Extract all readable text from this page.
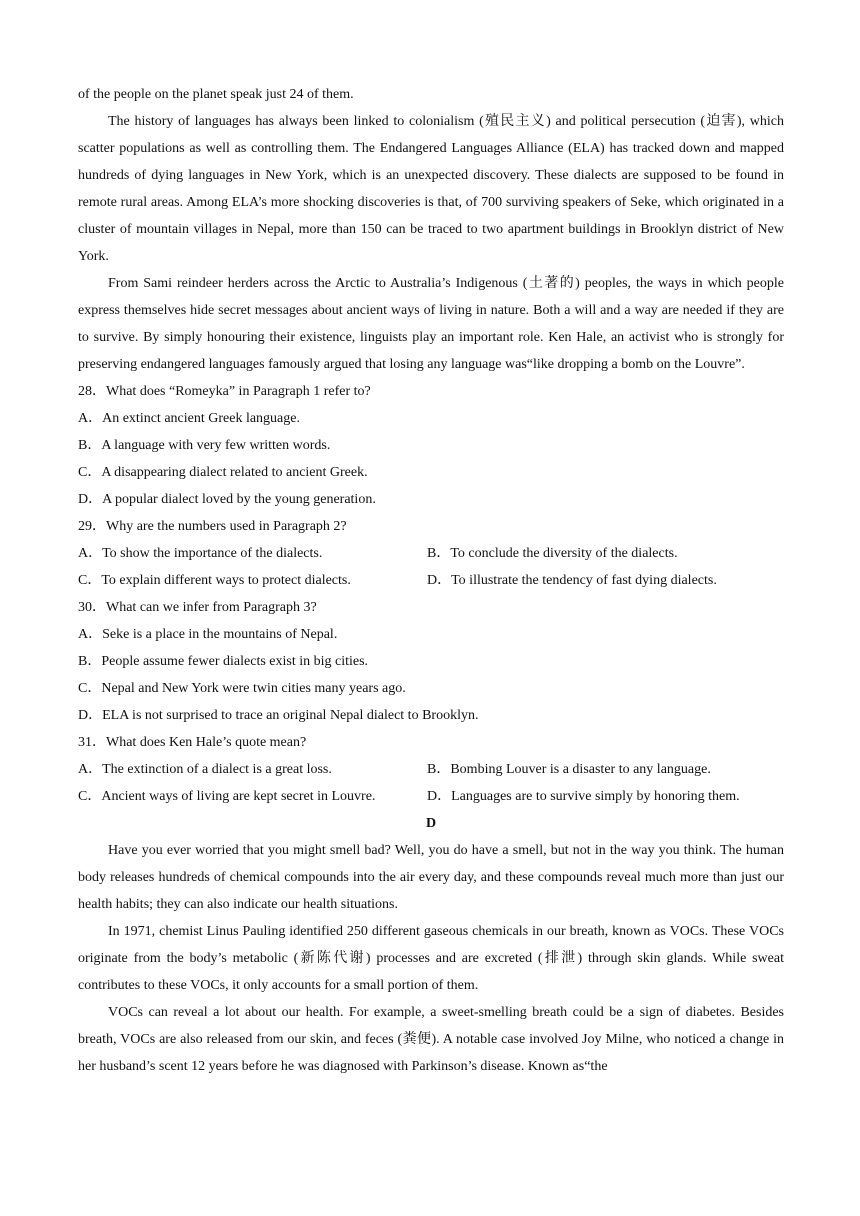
of the people on the planet speak just 24 of them.

The history of languages has always been linked to colonialism (殖民主义) and political persecution (迫害), which scatter populations as well as controlling them. The Endangered Languages Alliance (ELA) has tracked down and mapped hundreds of dying languages in New York, which is an unexpected discovery. These dialects are supposed to be found in remote rural areas. Among ELA’s more shocking discoveries is that, of 700 surviving speakers of Seke, which originated in a cluster of mountain villages in Nepal, more than 150 can be traced to two apartment buildings in Brooklyn district of New York.

From Sami reindeer herders across the Arctic to Australia’s Indigenous (土著的) peoples, the ways in which people express themselves hide secret messages about ancient ways of living in nature. Both a will and a way are needed if they are to survive. By simply honouring their existence, linguists play an important role. Ken Hale, an activist who is strongly for preserving endangered languages famously argued that losing any language was“like dropping a bomb on the Louvre”.

28．What does “Romeyka” in Paragraph 1 refer to?

A．An extinct ancient Greek language.

B．A language with very few written words.

C．A disappearing dialect related to ancient Greek.

D．A popular dialect loved by the young generation.

29．Why are the numbers used in Paragraph 2?

A．To show the importance of the dialects.	B．To conclude the diversity of the dialects.
C．To explain different ways to protect dialects.	D．To illustrate the tendency of fast dying dialects.

30．What can we infer from Paragraph 3?

A．Seke is a place in the mountains of Nepal.

B．People assume fewer dialects exist in big cities.

C．Nepal and New York were twin cities many years ago.

D．ELA is not surprised to trace an original Nepal dialect to Brooklyn.

31．What does Ken Hale’s quote mean?

A．The extinction of a dialect is a great loss.	B．Bombing Louver is a disaster to any language.
C．Ancient ways of living are kept secret in Louvre.	D．Languages are to survive simply by honoring them.

D

Have you ever worried that you might smell bad? Well, you do have a smell, but not in the way you think. The human body releases hundreds of chemical compounds into the air every day, and these compounds reveal much more than just our health habits; they can also indicate our health situations.

In 1971, chemist Linus Pauling identified 250 different gaseous chemicals in our breath, known as VOCs. These VOCs originate from the body’s metabolic (新陈代谢) processes and are excreted (排泄) through skin glands. While sweat contributes to these VOCs, it only accounts for a small portion of them.

VOCs can reveal a lot about our health. For example, a sweet-smelling breath could be a sign of diabetes. Besides breath, VOCs are also released from our skin, and feces (粪便). A notable case involved Joy Milne, who noticed a change in her husband’s scent 12 years before he was diagnosed with Parkinson’s disease. Known as“the
